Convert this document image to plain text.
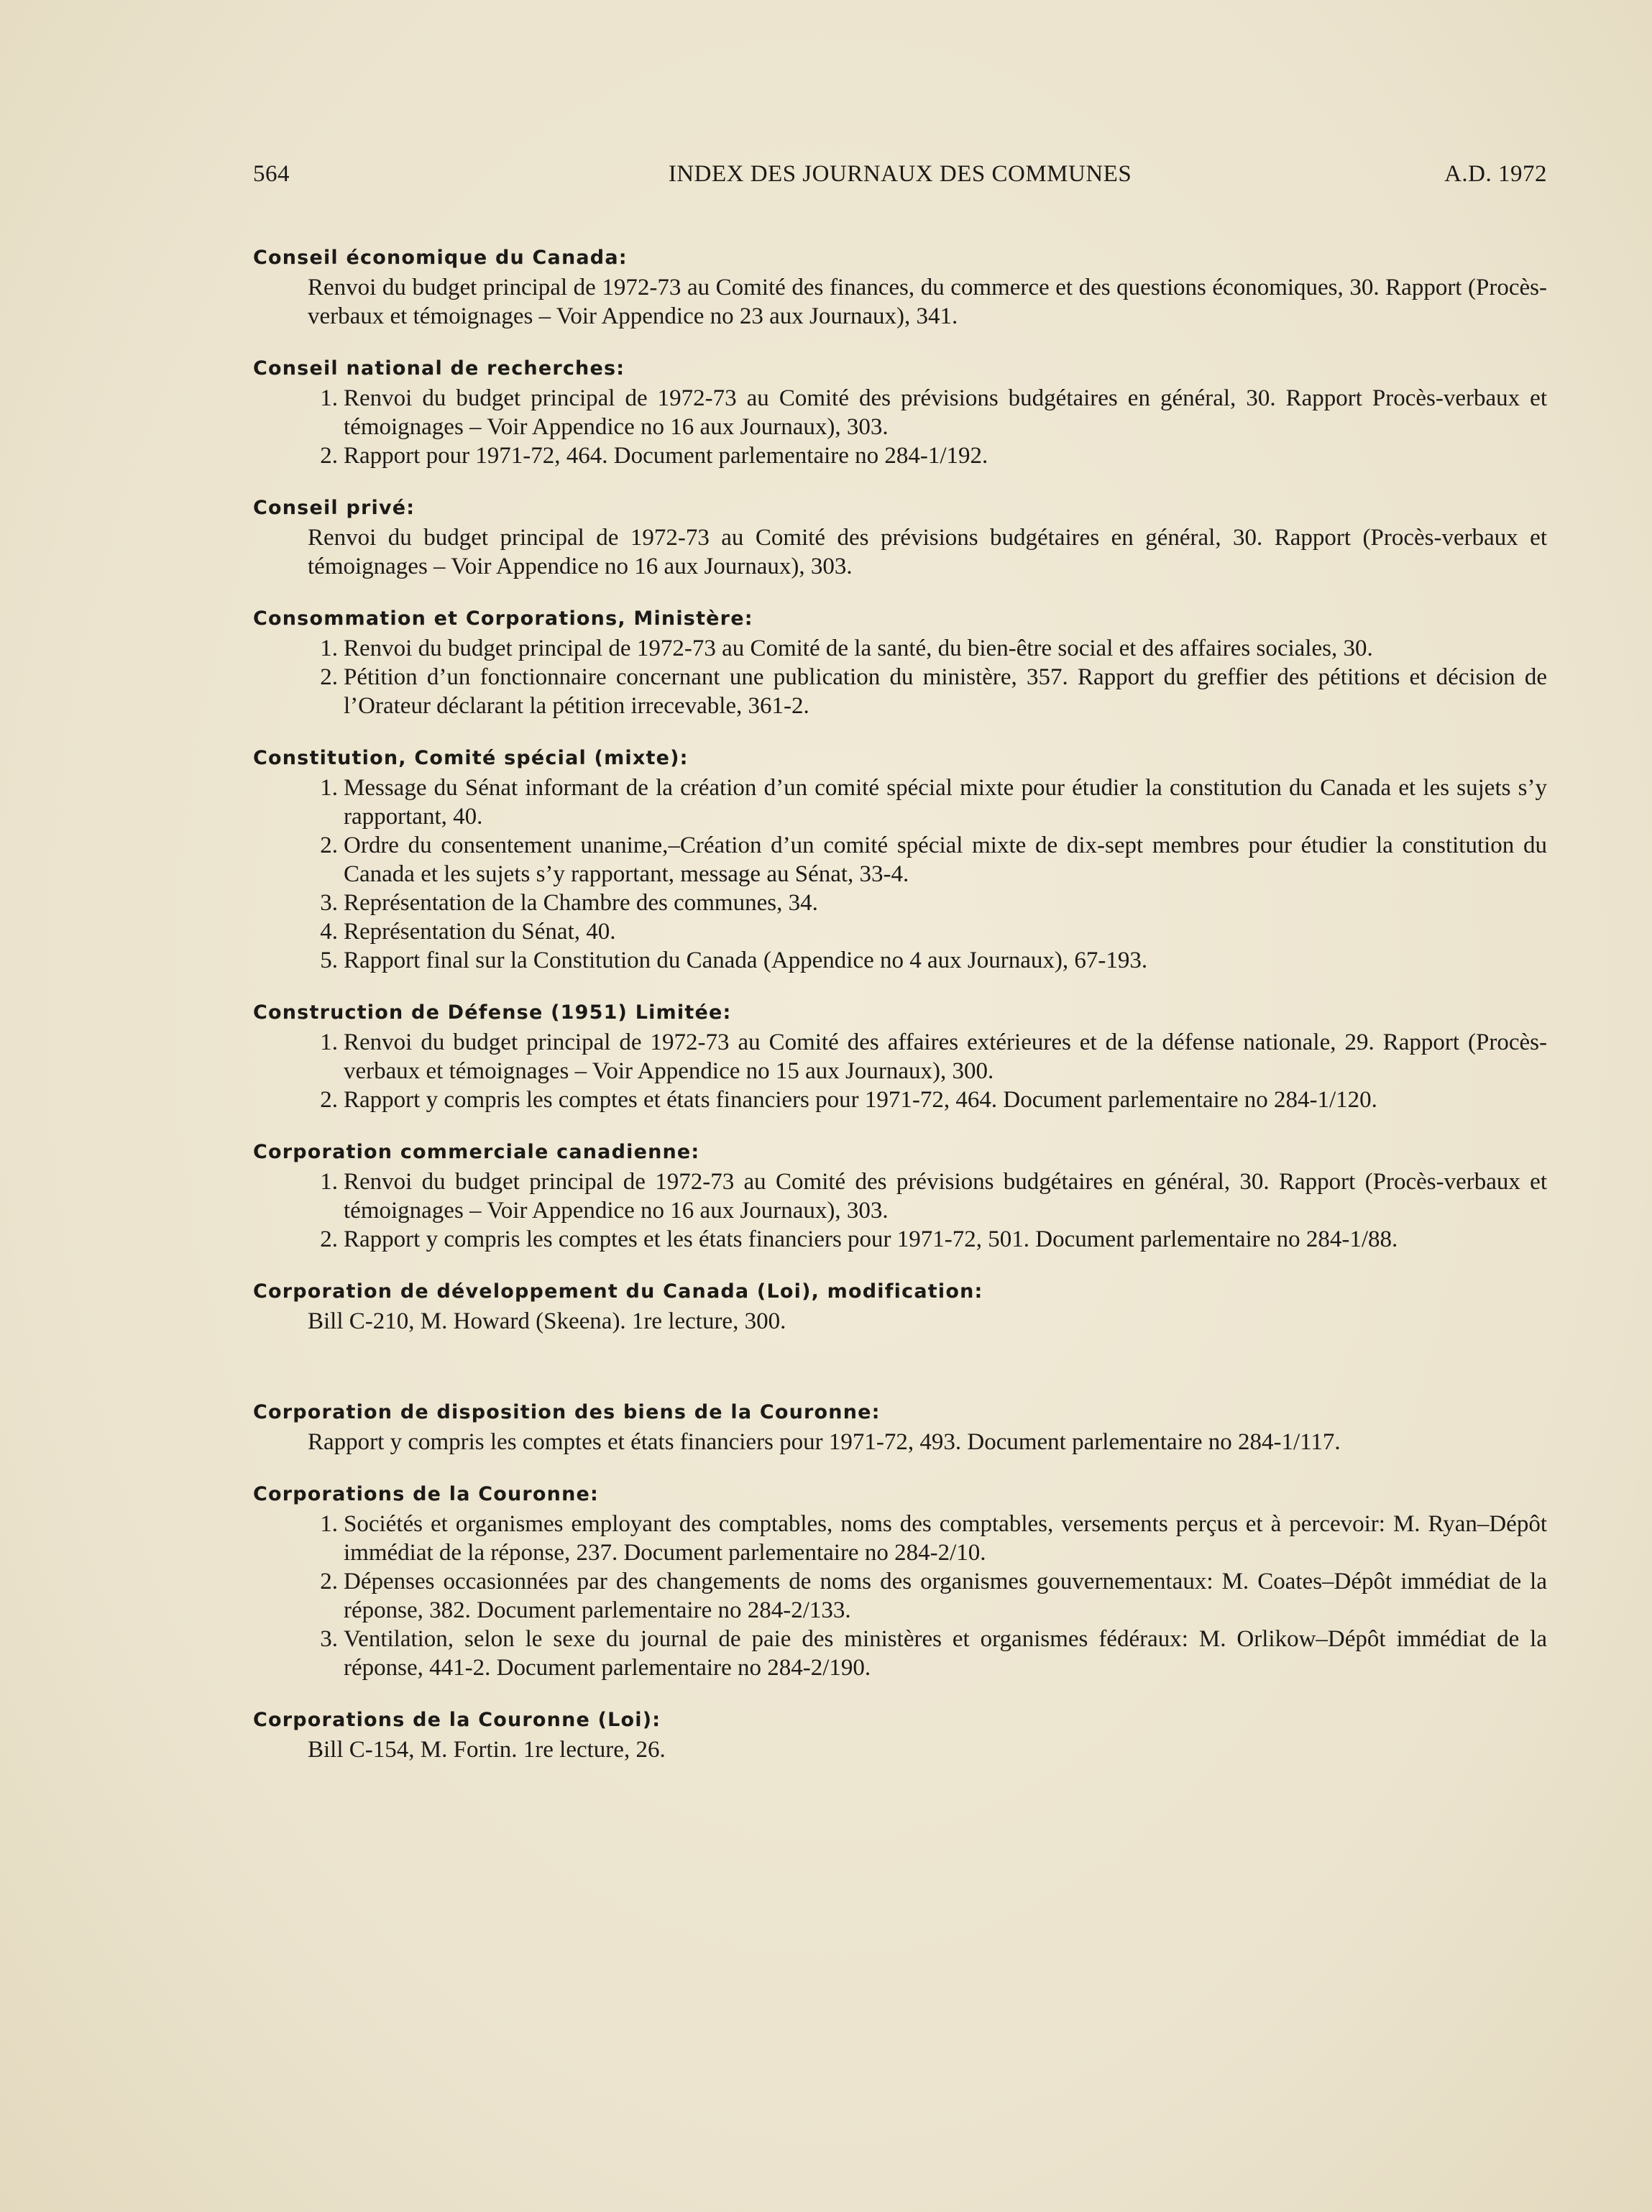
564	INDEX DES JOURNAUX DES COMMUNES	A.D. 1972
Conseil économique du Canada:
Renvoi du budget principal de 1972-73 au Comité des finances, du commerce et des questions économiques, 30. Rapport (Procès-verbaux et témoignages – Voir Appendice no 23 aux Journaux), 341.
Conseil national de recherches:
1. Renvoi du budget principal de 1972-73 au Comité des prévisions budgétaires en général, 30. Rapport Procès-verbaux et témoignages – Voir Appendice no 16 aux Journaux), 303.
2. Rapport pour 1971-72, 464. Document parlementaire no 284-1/192.
Conseil privé:
Renvoi du budget principal de 1972-73 au Comité des prévisions budgétaires en général, 30. Rapport (Procès-verbaux et témoignages – Voir Appendice no 16 aux Journaux), 303.
Consommation et Corporations, Ministère:
1. Renvoi du budget principal de 1972-73 au Comité de la santé, du bien-être social et des affaires sociales, 30.
2. Pétition d’un fonctionnaire concernant une publication du ministère, 357. Rapport du greffier des pétitions et décision de l’Orateur déclarant la pétition irrecevable, 361-2.
Constitution, Comité spécial (mixte):
1. Message du Sénat informant de la création d’un comité spécial mixte pour étudier la constitution du Canada et les sujets s’y rapportant, 40.
2. Ordre du consentement unanime,–Création d’un comité spécial mixte de dix-sept membres pour étudier la constitution du Canada et les sujets s’y rapportant, message au Sénat, 33-4.
3. Représentation de la Chambre des communes, 34.
4. Représentation du Sénat, 40.
5. Rapport final sur la Constitution du Canada (Appendice no 4 aux Journaux), 67-193.
Construction de Défense (1951) Limitée:
1. Renvoi du budget principal de 1972-73 au Comité des affaires extérieures et de la défense nationale, 29. Rapport (Procès-verbaux et témoignages – Voir Appendice no 15 aux Journaux), 300.
2. Rapport y compris les comptes et états financiers pour 1971-72, 464. Document parlementaire no 284-1/120.
Corporation commerciale canadienne:
1. Renvoi du budget principal de 1972-73 au Comité des prévisions budgétaires en général, 30. Rapport (Procès-verbaux et témoignages – Voir Appendice no 16 aux Journaux), 303.
2. Rapport y compris les comptes et les états financiers pour 1971-72, 501. Document parlementaire no 284-1/88.
Corporation de développement du Canada (Loi), modification:
Bill C-210, M. Howard (Skeena). 1re lecture, 300.
Corporation de disposition des biens de la Couronne:
Rapport y compris les comptes et états financiers pour 1971-72, 493. Document parlementaire no 284-1/117.
Corporations de la Couronne:
1. Sociétés et organismes employant des comptables, noms des comptables, versements perçus et à percevoir: M. Ryan–Dépôt immédiat de la réponse, 237. Document parlementaire no 284-2/10.
2. Dépenses occasionnées par des changements de noms des organismes gouvernementaux: M. Coates–Dépôt immédiat de la réponse, 382. Document parlementaire no 284-2/133.
3. Ventilation, selon le sexe du journal de paie des ministères et organismes fédéraux: M. Orlikow–Dépôt immédiat de la réponse, 441-2. Document parlementaire no 284-2/190.
Corporations de la Couronne (Loi):
Bill C-154, M. Fortin. 1re lecture, 26.
